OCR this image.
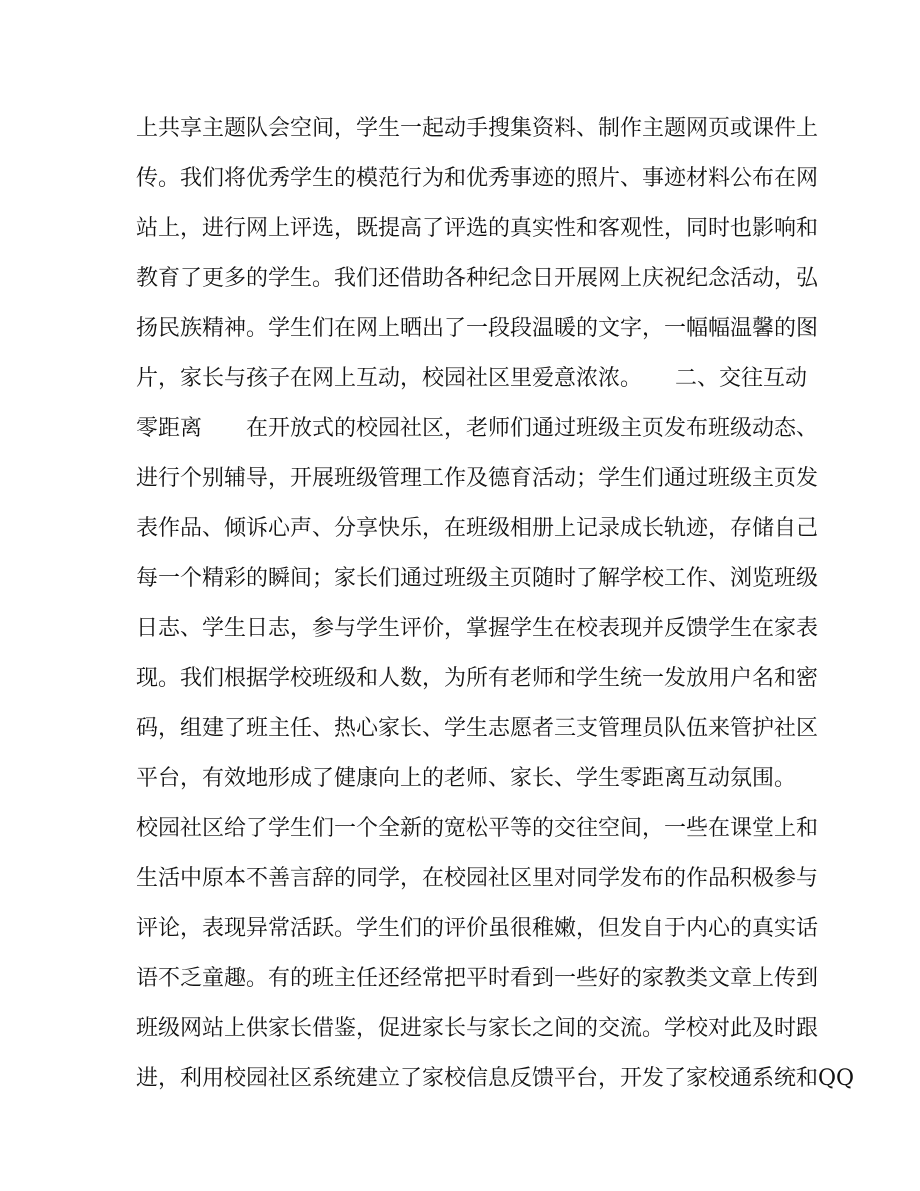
上共享主题队会空间，学生一起动手搜集资料、制作主题网页或课件上
传。我们将优秀学生的模范行为和优秀事迹的照片、事迹材料公布在网
站上，进行网上评选，既提高了评选的真实性和客观性，同时也影响和
教育了更多的学生。我们还借助各种纪念日开展网上庆祝纪念活动，弘
扬民族精神。学生们在网上晒出了一段段温暖的文字，一幅幅温馨的图
片，家长与孩子在网上互动，校园社区里爱意浓浓。　　二、交往互动
零距离　　在开放式的校园社区，老师们通过班级主页发布班级动态、
进行个别辅导，开展班级管理工作及德育活动；学生们通过班级主页发
表作品、倾诉心声、分享快乐，在班级相册上记录成长轨迹，存储自己
每一个精彩的瞬间；家长们通过班级主页随时了解学校工作、浏览班级
日志、学生日志，参与学生评价，掌握学生在校表现并反馈学生在家表
现。我们根据学校班级和人数，为所有老师和学生统一发放用户名和密
码，组建了班主任、热心家长、学生志愿者三支管理员队伍来管护社区
平台，有效地形成了健康向上的老师、家长、学生零距离互动氛围。
校园社区给了学生们一个全新的宽松平等的交往空间，一些在课堂上和
生活中原本不善言辞的同学，在校园社区里对同学发布的作品积极参与
评论，表现异常活跃。学生们的评价虽很稚嫩，但发自于内心的真实话
语不乏童趣。有的班主任还经常把平时看到一些好的家教类文章上传到
班级网站上供家长借鉴，促进家长与家长之间的交流。学校对此及时跟
进，利用校园社区系统建立了家校信息反馈平台，开发了家校通系统和QQ
